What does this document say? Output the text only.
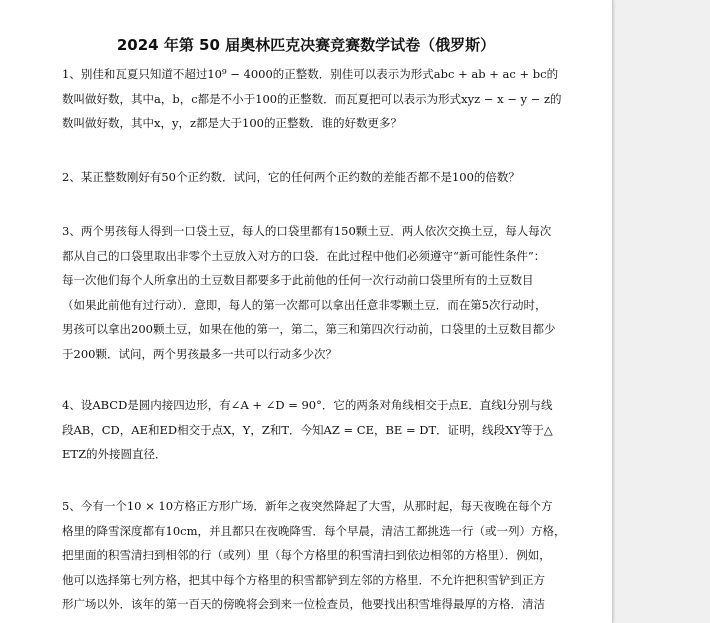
2024 年第 50 届奥林匹克决赛竞赛数学试卷（俄罗斯）
1、别佳和瓦夏只知道不超过10⁹ − 4000的正整数．别佳可以表示为形式abc + ab + ac + bc的
数叫做好数，其中a，b，c都是不小于100的正整数．而瓦夏把可以表示为形式xyz − x − y − z的
数叫做好数，其中x，y，z都是大于100的正整数．谁的好数更多？
2、某正整数刚好有50个正约数．试问，它的任何两个正约数的差能否都不是100的倍数？
3、两个男孩每人得到一口袋土豆，每人的口袋里都有150颗土豆．两人依次交换土豆，每人每次
都从自己的口袋里取出非零个土豆放入对方的口袋．在此过程中他们必须遵守“新可能性条件”：
每一次他们每个人所拿出的土豆数目都要多于此前他的任何一次行动前口袋里所有的土豆数目
（如果此前他有过行动）．意即，每人的第一次都可以拿出任意非零颗土豆．而在第5次行动时，
男孩可以拿出200颗土豆，如果在他的第一，第二，第三和第四次行动前，口袋里的土豆数目都少
于200颗．试问，两个男孩最多一共可以行动多少次？
4、设ABCD是圆内接四边形，有∠A + ∠D = 90°．它的两条对角线相交于点E．直线l分别与线
段AB，CD，AE和ED相交于点X，Y，Z和T．今知AZ = CE，BE = DT．证明，线段XY等于△
ETZ的外接圆直径．
5、今有一个10 × 10方格正方形广场．新年之夜突然降起了大雪，从那时起，每天夜晚在每个方
格里的降雪深度都有10cm，并且都只在夜晚降雪．每个早晨，清洁工都挑选一行（或一列）方格，
把里面的积雪清扫到相邻的行（或列）里（每个方格里的积雪清扫到依边相邻的方格里）．例如，
他可以选择第七列方格，把其中每个方格里的积雪都铲到左邻的方格里．不允许把积雪铲到正方
形广场以外．该年的第一百天的傍晚将会到来一位检查员，他要找出积雪堆得最厚的方格．清洁
